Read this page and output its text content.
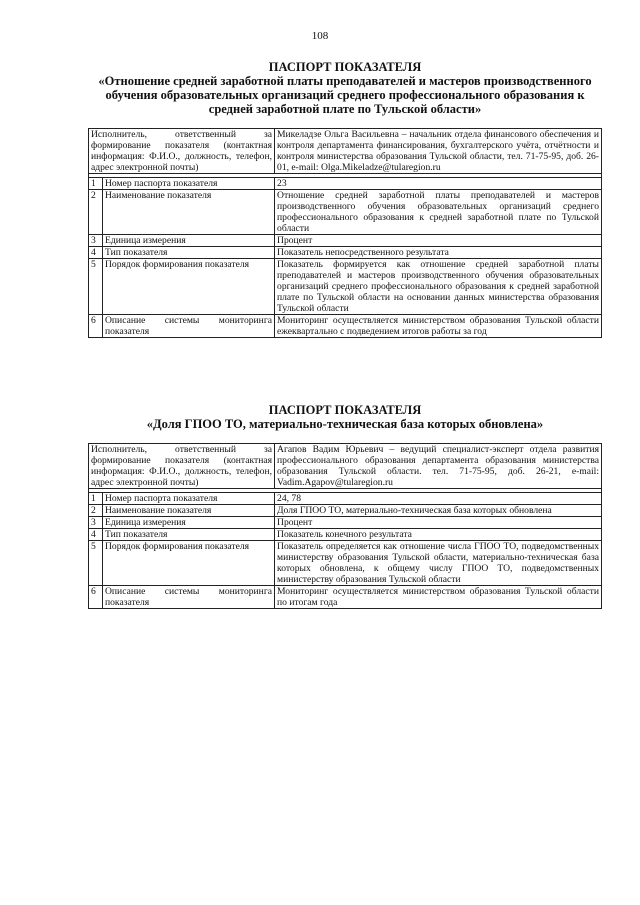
108

ПАСПОРТ ПОКАЗАТЕЛЯ

«Отношение средней заработной платы преподавателей и мастеров производственного обучения образовательных организаций среднего профессионального образования к средней заработной плате по Тульской области»

Исполнитель, ответственный за формирование показателя (контактная информация: Ф.И.О., должность, телефон, адрес электронной почты)		Микеладзе Ольга Васильевна – начальник отдела финансового обеспечения и контроля департамента финансирования, бухгалтерского учёта, отчётности и контроля министерства образования Тульской области, тел. 71-75-95, доб. 26-01, e-mail: Olga.Mikeladze@tularegion.ru

1	Номер паспорта показателя	23
2	Наименование показателя	Отношение средней заработной платы преподавателей и мастеров производственного обучения образовательных организаций среднего профессионального образования к средней заработной плате по Тульской области
3	Единица измерения	Процент
4	Тип показателя	Показатель непосредственного результата
5	Порядок формирования показателя	Показатель формируется как отношение средней заработной платы преподавателей и мастеров производственного обучения образовательных организаций среднего профессионального образования к средней заработной плате по Тульской области на основании данных министерства образования Тульской области
6	Описание системы мониторинга показателя	Мониторинг осуществляется министерством образования Тульской области ежеквартально с подведением итогов работы за год

ПАСПОРТ ПОКАЗАТЕЛЯ

«Доля ГПОО ТО, материально-техническая база которых обновлена»

Исполнитель, ответственный за формирование показателя (контактная информация: Ф.И.О., должность, телефон, адрес электронной почты)		Агапов Вадим Юрьевич – ведущий специалист-эксперт отдела развития профессионального образования департамента образования министерства образования Тульской области. тел. 71-75-95, доб. 26-21, e-mail: Vadim.Agapov@tularegion.ru

1	Номер паспорта показателя	24, 78
2	Наименование показателя	Доля ГПОО ТО, материально-техническая база которых обновлена
3	Единица измерения	Процент
4	Тип показателя	Показатель конечного результата
5	Порядок формирования показателя	Показатель определяется как отношение числа ГПОО ТО, подведомственных министерству образования Тульской области, материально-техническая база которых обновлена, к общему числу ГПОО ТО, подведомственных министерству образования Тульской области
6	Описание системы мониторинга показателя	Мониторинг осуществляется министерством образования Тульской области по итогам года
